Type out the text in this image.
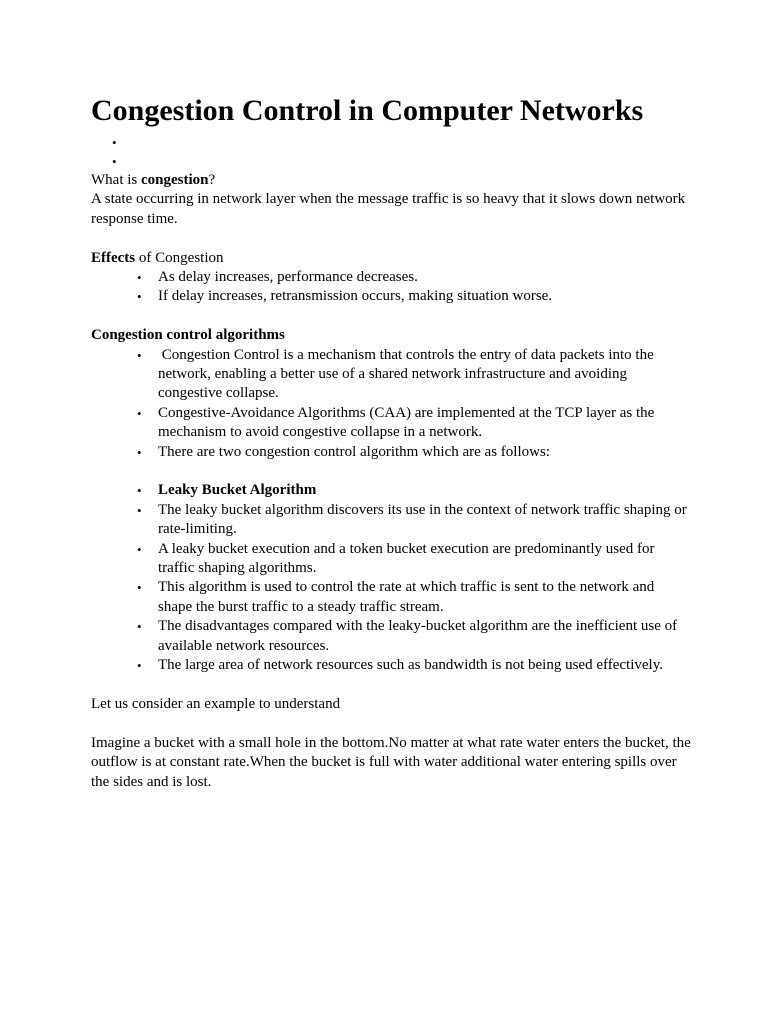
Congestion Control in Computer Networks
•
•

What is congestion?

A state occurring in network layer when the message traffic is so heavy that it slows down network response time.

Effects of Congestion

• As delay increases, performance decreases.
• If delay increases, retransmission occurs, making situation worse.

Congestion control algorithms

•  Congestion Control is a mechanism that controls the entry of data packets into the network, enabling a better use of a shared network infrastructure and avoiding congestive collapse.
• Congestive-Avoidance Algorithms (CAA) are implemented at the TCP layer as the mechanism to avoid congestive collapse in a network.
• There are two congestion control algorithm which are as follows:
• Leaky Bucket Algorithm
• The leaky bucket algorithm discovers its use in the context of network traffic shaping or rate-limiting.
• A leaky bucket execution and a token bucket execution are predominantly used for traffic shaping algorithms.
• This algorithm is used to control the rate at which traffic is sent to the network and shape the burst traffic to a steady traffic stream.
• The disadvantages compared with the leaky-bucket algorithm are the inefficient use of available network resources.
• The large area of network resources such as bandwidth is not being used effectively.

Let us consider an example to understand

Imagine a bucket with a small hole in the bottom.No matter at what rate water enters the bucket, the outflow is at constant rate.When the bucket is full with water additional water entering spills over the sides and is lost.
